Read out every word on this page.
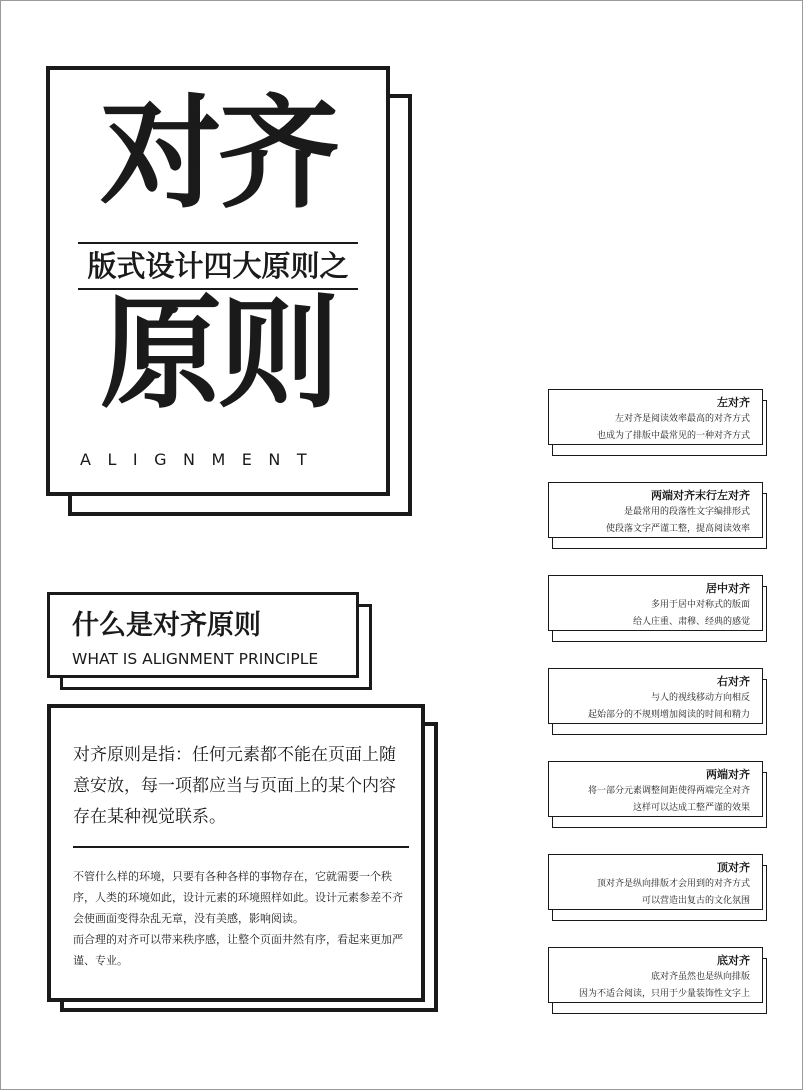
对齐
版式设计四大原则之
原则
ALIGNMENT
什么是对齐原则
WHAT IS ALIGNMENT PRINCIPLE
对齐原则是指：任何元素都不能在页面上随意安放，每一项都应当与页面上的某个内容存在某种视觉联系。

不管什么样的环境，只要有各种各样的事物存在，它就需要一个秩序，人类的环境如此，设计元素的环境照样如此。设计元素参差不齐会使画面变得杂乱无章，没有美感，影响阅读。

而合理的对齐可以带来秩序感，让整个页面井然有序，看起来更加严谨、专业。

左对齐
左对齐是阅读效率最高的对齐方式
也成为了排版中最常见的一种对齐方式
两端对齐末行左对齐
是最常用的段落性文字编排形式
使段落文字严谨工整，提高阅读效率
居中对齐
多用于居中对称式的版面
给人庄重、肃穆、经典的感觉
右对齐
与人的视线移动方向相反
起始部分的不规则增加阅读的时间和精力
两端对齐
将一部分元素调整间距使得两端完全对齐
这样可以达成工整严谨的效果
顶对齐
顶对齐是纵向排版才会用到的对齐方式
可以营造出复古的文化氛围
底对齐
底对齐虽然也是纵向排版
因为不适合阅读，只用于少量装饰性文字上
